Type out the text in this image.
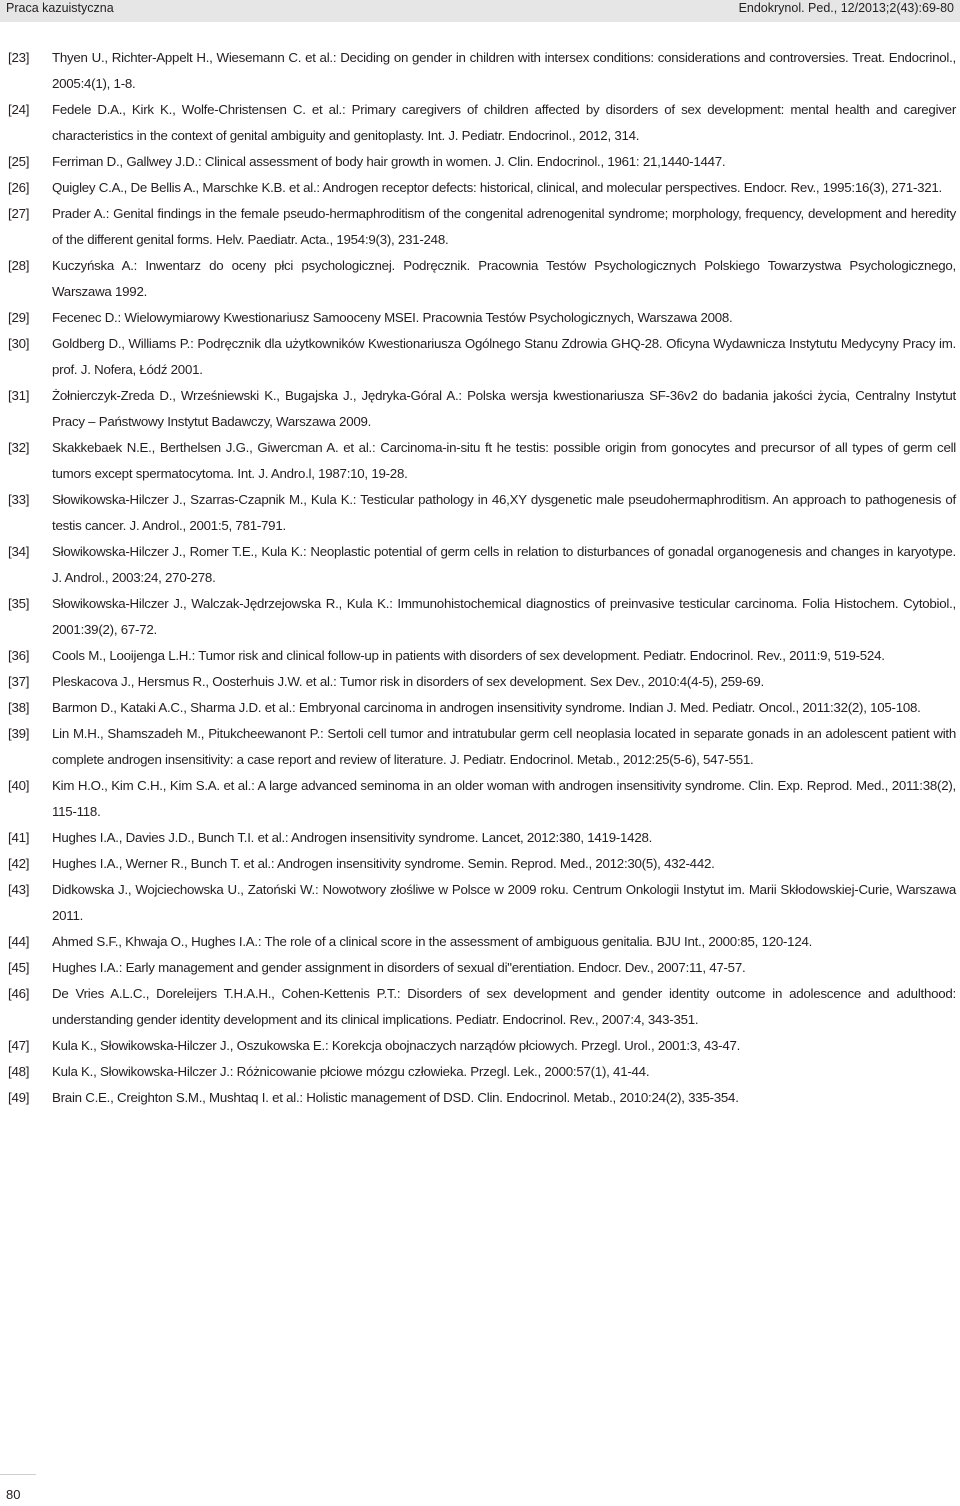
Praca kazuistyczna	Endokrynol. Ped., 12/2013;2(43):69-80
[23]	Thyen U., Richter-Appelt H., Wiesemann C. et al.: Deciding on gender in children with intersex conditions: considerations and controversies. Treat. Endocrinol., 2005:4(1), 1-8.
[24]	Fedele D.A., Kirk K., Wolfe-Christensen C. et al.: Primary caregivers of children affected by disorders of sex development: mental health and caregiver characteristics in the context of genital ambiguity and genitoplasty. Int. J. Pediatr. Endocrinol., 2012, 314.
[25]	Ferriman D., Gallwey J.D.: Clinical assessment of body hair growth in women. J. Clin. Endocrinol., 1961: 21,1440-1447.
[26]	Quigley C.A., De Bellis A., Marschke K.B. et al.: Androgen receptor defects: historical, clinical, and molecular perspectives. Endocr. Rev., 1995:16(3), 271-321.
[27]	Prader A.: Genital findings in the female pseudo-hermaphroditism of the congenital adrenogenital syndrome; morphology, frequency, development and heredity of the different genital forms. Helv. Paediatr. Acta., 1954:9(3), 231-248.
[28]	Kuczyńska A.: Inwentarz do oceny płci psychologicznej. Podręcznik. Pracownia Testów Psychologicznych Polskiego Towarzystwa Psychologicznego, Warszawa 1992.
[29]	Fecenec D.: Wielowymiarowy Kwestionariusz Samooceny MSEI. Pracownia Testów Psychologicznych, Warszawa 2008.
[30]	Goldberg D., Williams P.: Podręcznik dla użytkowników Kwestionariusza Ogólnego Stanu Zdrowia GHQ-28. Oficyna Wydawnicza Instytutu Medycyny Pracy im. prof. J. Nofera, Łódź 2001.
[31]	Żołnierczyk-Zreda D., Wrześniewski K., Bugajska J., Jędryka-Góral A.: Polska wersja kwestionariusza SF-36v2 do badania jakości życia, Centralny Instytut Pracy – Państwowy Instytut Badawczy, Warszawa 2009.
[32]	Skakkebaek N.E., Berthelsen J.G., Giwercman A. et al.: Carcinoma-in-situ ft he testis: possible origin from gonocytes and precursor of all types of germ cell tumors except spermatocytoma. Int. J. Andro.l, 1987:10, 19-28.
[33]	Słowikowska-Hilczer J., Szarras-Czapnik M., Kula K.: Testicular pathology in 46,XY dysgenetic male pseudohermaphroditism. An approach to pathogenesis of testis cancer. J. Androl., 2001:5, 781-791.
[34]	Słowikowska-Hilczer J., Romer T.E., Kula K.: Neoplastic potential of germ cells in relation to disturbances of gonadal organogenesis and changes in karyotype. J. Androl., 2003:24, 270-278.
[35]	Słowikowska-Hilczer J., Walczak-Jędrzejowska R., Kula K.: Immunohistochemical diagnostics of preinvasive testicular carcinoma. Folia Histochem. Cytobiol., 2001:39(2), 67-72.
[36]	Cools M., Looijenga L.H.: Tumor risk and clinical follow-up in patients with disorders of sex development. Pediatr. Endocrinol. Rev., 2011:9, 519-524.
[37]	Pleskacova J., Hersmus R., Oosterhuis J.W. et al.: Tumor risk in disorders of sex development. Sex Dev., 2010:4(4-5), 259-69.
[38]	Barmon D., Kataki A.C., Sharma J.D. et al.: Embryonal carcinoma in androgen insensitivity syndrome. Indian J. Med. Pediatr. Oncol., 2011:32(2), 105-108.
[39]	Lin M.H., Shamszadeh M., Pitukcheewanont P.: Sertoli cell tumor and intratubular germ cell neoplasia located in separate gonads in an adolescent patient with complete androgen insensitivity: a case report and review of literature. J. Pediatr. Endocrinol. Metab., 2012:25(5-6), 547-551.
[40]	Kim H.O., Kim C.H., Kim S.A. et al.: A large advanced seminoma in an older woman with androgen insensitivity syndrome. Clin. Exp. Reprod. Med., 2011:38(2), 115-118.
[41]	Hughes I.A., Davies J.D., Bunch T.I. et al.: Androgen insensitivity syndrome. Lancet, 2012:380, 1419-1428.
[42]	Hughes I.A., Werner R., Bunch T. et al.: Androgen insensitivity syndrome. Semin. Reprod. Med., 2012:30(5), 432-442.
[43]	Didkowska J., Wojciechowska U., Zatoński W.: Nowotwory złośliwe w Polsce w 2009 roku. Centrum Onkologii Instytut im. Marii Skłodowskiej-Curie, Warszawa 2011.
[44]	Ahmed S.F., Khwaja O., Hughes I.A.: The role of a clinical score in the assessment of ambiguous genitalia. BJU Int., 2000:85, 120-124.
[45]	Hughes I.A.: Early management and gender assignment in disorders of sexual di"erentiation. Endocr. Dev., 2007:11, 47-57.
[46]	De Vries A.L.C., Doreleijers T.H.A.H., Cohen-Kettenis P.T.: Disorders of sex development and gender identity outcome in adolescence and adulthood: understanding gender identity development and its clinical implications. Pediatr. Endocrinol. Rev., 2007:4, 343-351.
[47]	Kula K., Słowikowska-Hilczer J., Oszukowska E.: Korekcja obojnaczych narządów płciowych. Przegl. Urol., 2001:3, 43-47.
[48]	Kula K., Słowikowska-Hilczer J.: Różnicowanie płciowe mózgu człowieka. Przegl. Lek., 2000:57(1), 41-44.
[49]	Brain C.E., Creighton S.M., Mushtaq I. et al.: Holistic management of DSD. Clin. Endocrinol. Metab., 2010:24(2), 335-354.
80
